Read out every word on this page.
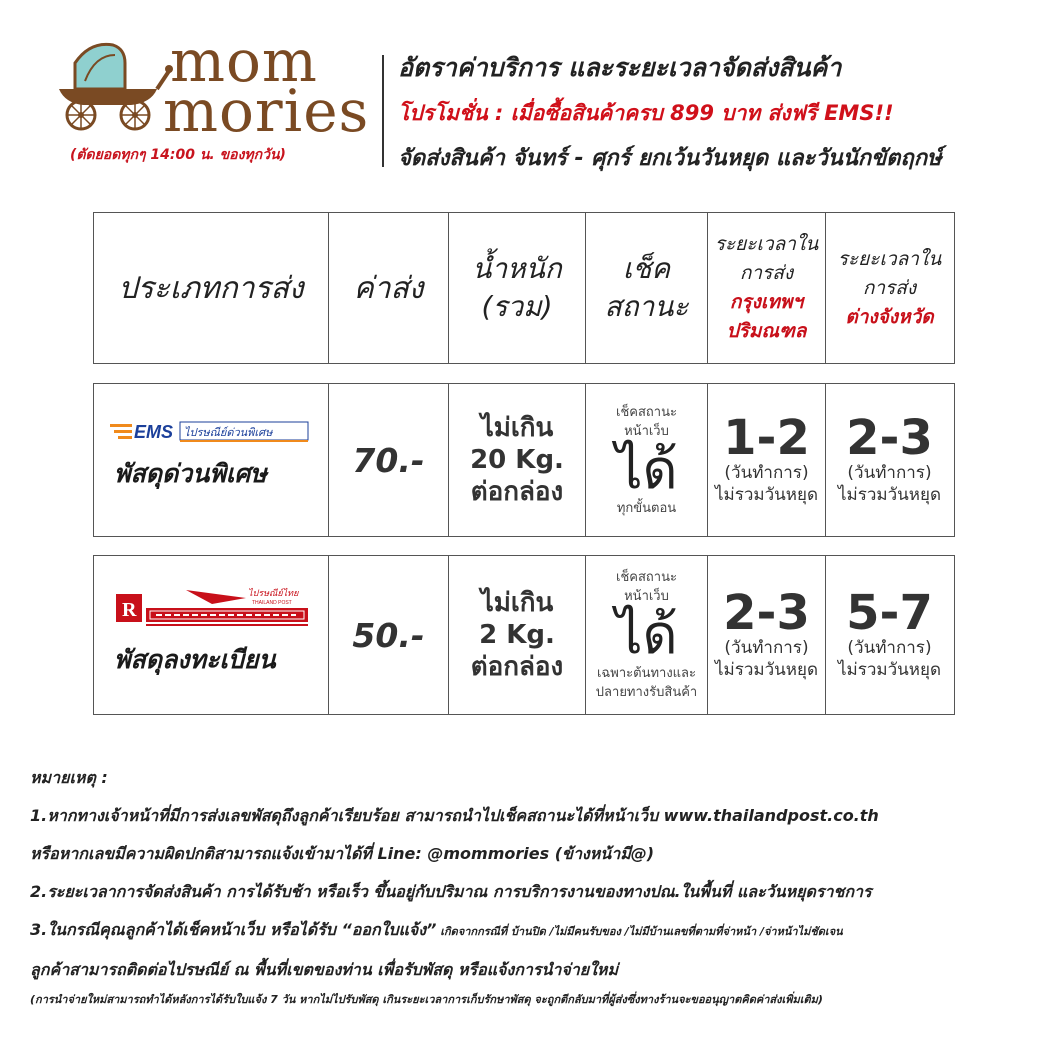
mom
mories
(ตัดยอดทุกๆ 14:00 น. ของทุกวัน)
อัตราค่าบริการ และระยะเวลาจัดส่งสินค้า
โปรโมชั่น : เมื่อซื้อสินค้าครบ 899 บาท ส่งฟรี EMS!!
จัดส่งสินค้า จันทร์ - ศุกร์ ยกเว้นวันหยุด และวันนักขัตฤกษ์
ประเภทการส่ง ค่าส่ง
น้ำหนัก
(รวม)
เช็ค
สถานะ
ระยะเวลาใน
การส่ง
กรุงเทพฯ
ปริมณฑล
ระยะเวลาใน
การส่ง
ต่างจังหวัด
EMS ไปรษณีย์ด่วนพิเศษ
พัสดุด่วนพิเศษ	70.-
ไม่เกิน
20 Kg.
ต่อกล่อง
เช็คสถานะ
หน้าเว็บ
ได้
ทุกขั้นตอน
1-2
(วันทำการ)
ไม่รวมวันหยุด
2-3
(วันทำการ)
ไม่รวมวันหยุด
R
ไปรษณีย์ไทย
THAILAND POST
พัสดุลงทะเบียน
50.-
ไม่เกิน
2 Kg.
ต่อกล่อง
เช็คสถานะ
หน้าเว็บ
ได้
เฉพาะต้นทางและ
ปลายทางรับสินค้า
2-3
(วันทำการ)
ไม่รวมวันหยุด
5-7
(วันทำการ)
ไม่รวมวันหยุด
หมายเหตุ :
1.หากทางเจ้าหน้าที่มีการส่งเลขพัสดุถึงลูกค้าเรียบร้อย สามารถนำไปเช็คสถานะได้ที่หน้าเว็บ www.thailandpost.co.th
หรือหากเลขมีความผิดปกติสามารถแจ้งเข้ามาได้ที่ Line: @mommories (ข้างหน้ามี@)
2.ระยะเวลาการจัดส่งสินค้า การได้รับช้า หรือเร็ว ขึ้นอยู่กับปริมาณ การบริการงานของทางปณ.ในพื้นที่ และวันหยุดราชการ
3.ในกรณีคุณลูกค้าได้เช็คหน้าเว็บ หรือได้รับ “ออกใบแจ้ง” เกิดจากกรณีที่ บ้านปิด /ไม่มีคนรับของ /ไม่มีบ้านเลขที่ตามที่จ่าหน้า /จ่าหน้าไม่ชัดเจน
ลูกค้าสามารถติดต่อไปรษณีย์ ณ พื้นที่เขตของท่าน เพื่อรับพัสดุ หรือแจ้งการนำจ่ายใหม่
(การนำจ่ายใหม่สามารถทำได้หลังการได้รับใบแจ้ง 7 วัน หากไม่ไปรับพัสดุ เกินระยะเวลาการเก็บรักษาพัสดุ จะถูกตีกลับมาที่ผู้ส่งซึ่งทางร้านจะขออนุญาตคิดค่าส่งเพิ่มเติม)
